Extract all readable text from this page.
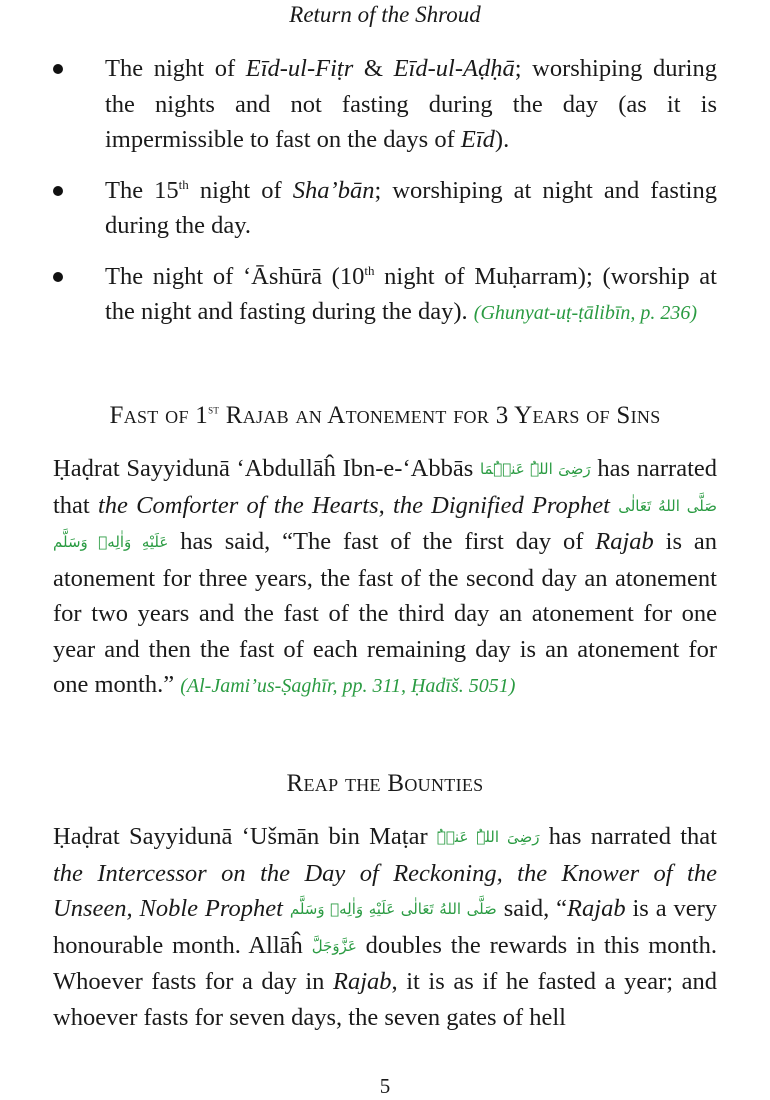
Return of the Shroud
The night of Eīd-ul-Fiṭr & Eīd-ul-Aḍḥā; worshiping during the nights and not fasting during the day (as it is impermissible to fast on the days of Eīd).
The 15th night of Sha’bān; worshiping at night and fasting during the day.
The night of ‘Āshūrā (10th night of Muḥarram); (worship at the night and fasting during the day). (Ghunyat-uṭ-ṭālibīn, p. 236)
Fast of 1st Rajab an Atonement for 3 Years of Sins

Ḥaḍrat Sayyidunā ‘Abdullāĥ Ibn-e-‘Abbās رَضِیَ اللہُ عَنۡہُمَا has narrated that the Comforter of the Hearts, the Dignified Prophet صَلَّى اللهُ تَعَالٰى عَلَيْهِ وَاٰلِهٖ وَسَلَّم has said, “The fast of the first day of Rajab is an atonement for three years, the fast of the second day an atonement for two years and the fast of the third day an atonement for one year and then the fast of each remaining day is an atonement for one month.” (Al-Jami’us-Ṣaghīr, pp. 311, Ḥadīš. 5051)

Reap the Bounties

Ḥaḍrat Sayyidunā ‘Ušmān bin Maṭar رَضِیَ اللہُ عَنۡہُ has narrated that the Intercessor on the Day of Reckoning, the Knower of the Unseen, Noble Prophet صَلَّى اللهُ تَعَالٰى عَلَيْهِ وَاٰلِهٖ وَسَلَّم said, “Rajab is a very honourable month. Allāĥ عَزَّوَجَلَّ doubles the rewards in this month. Whoever fasts for a day in Rajab, it is as if he fasted a year; and whoever fasts for seven days, the seven gates of hell

5
